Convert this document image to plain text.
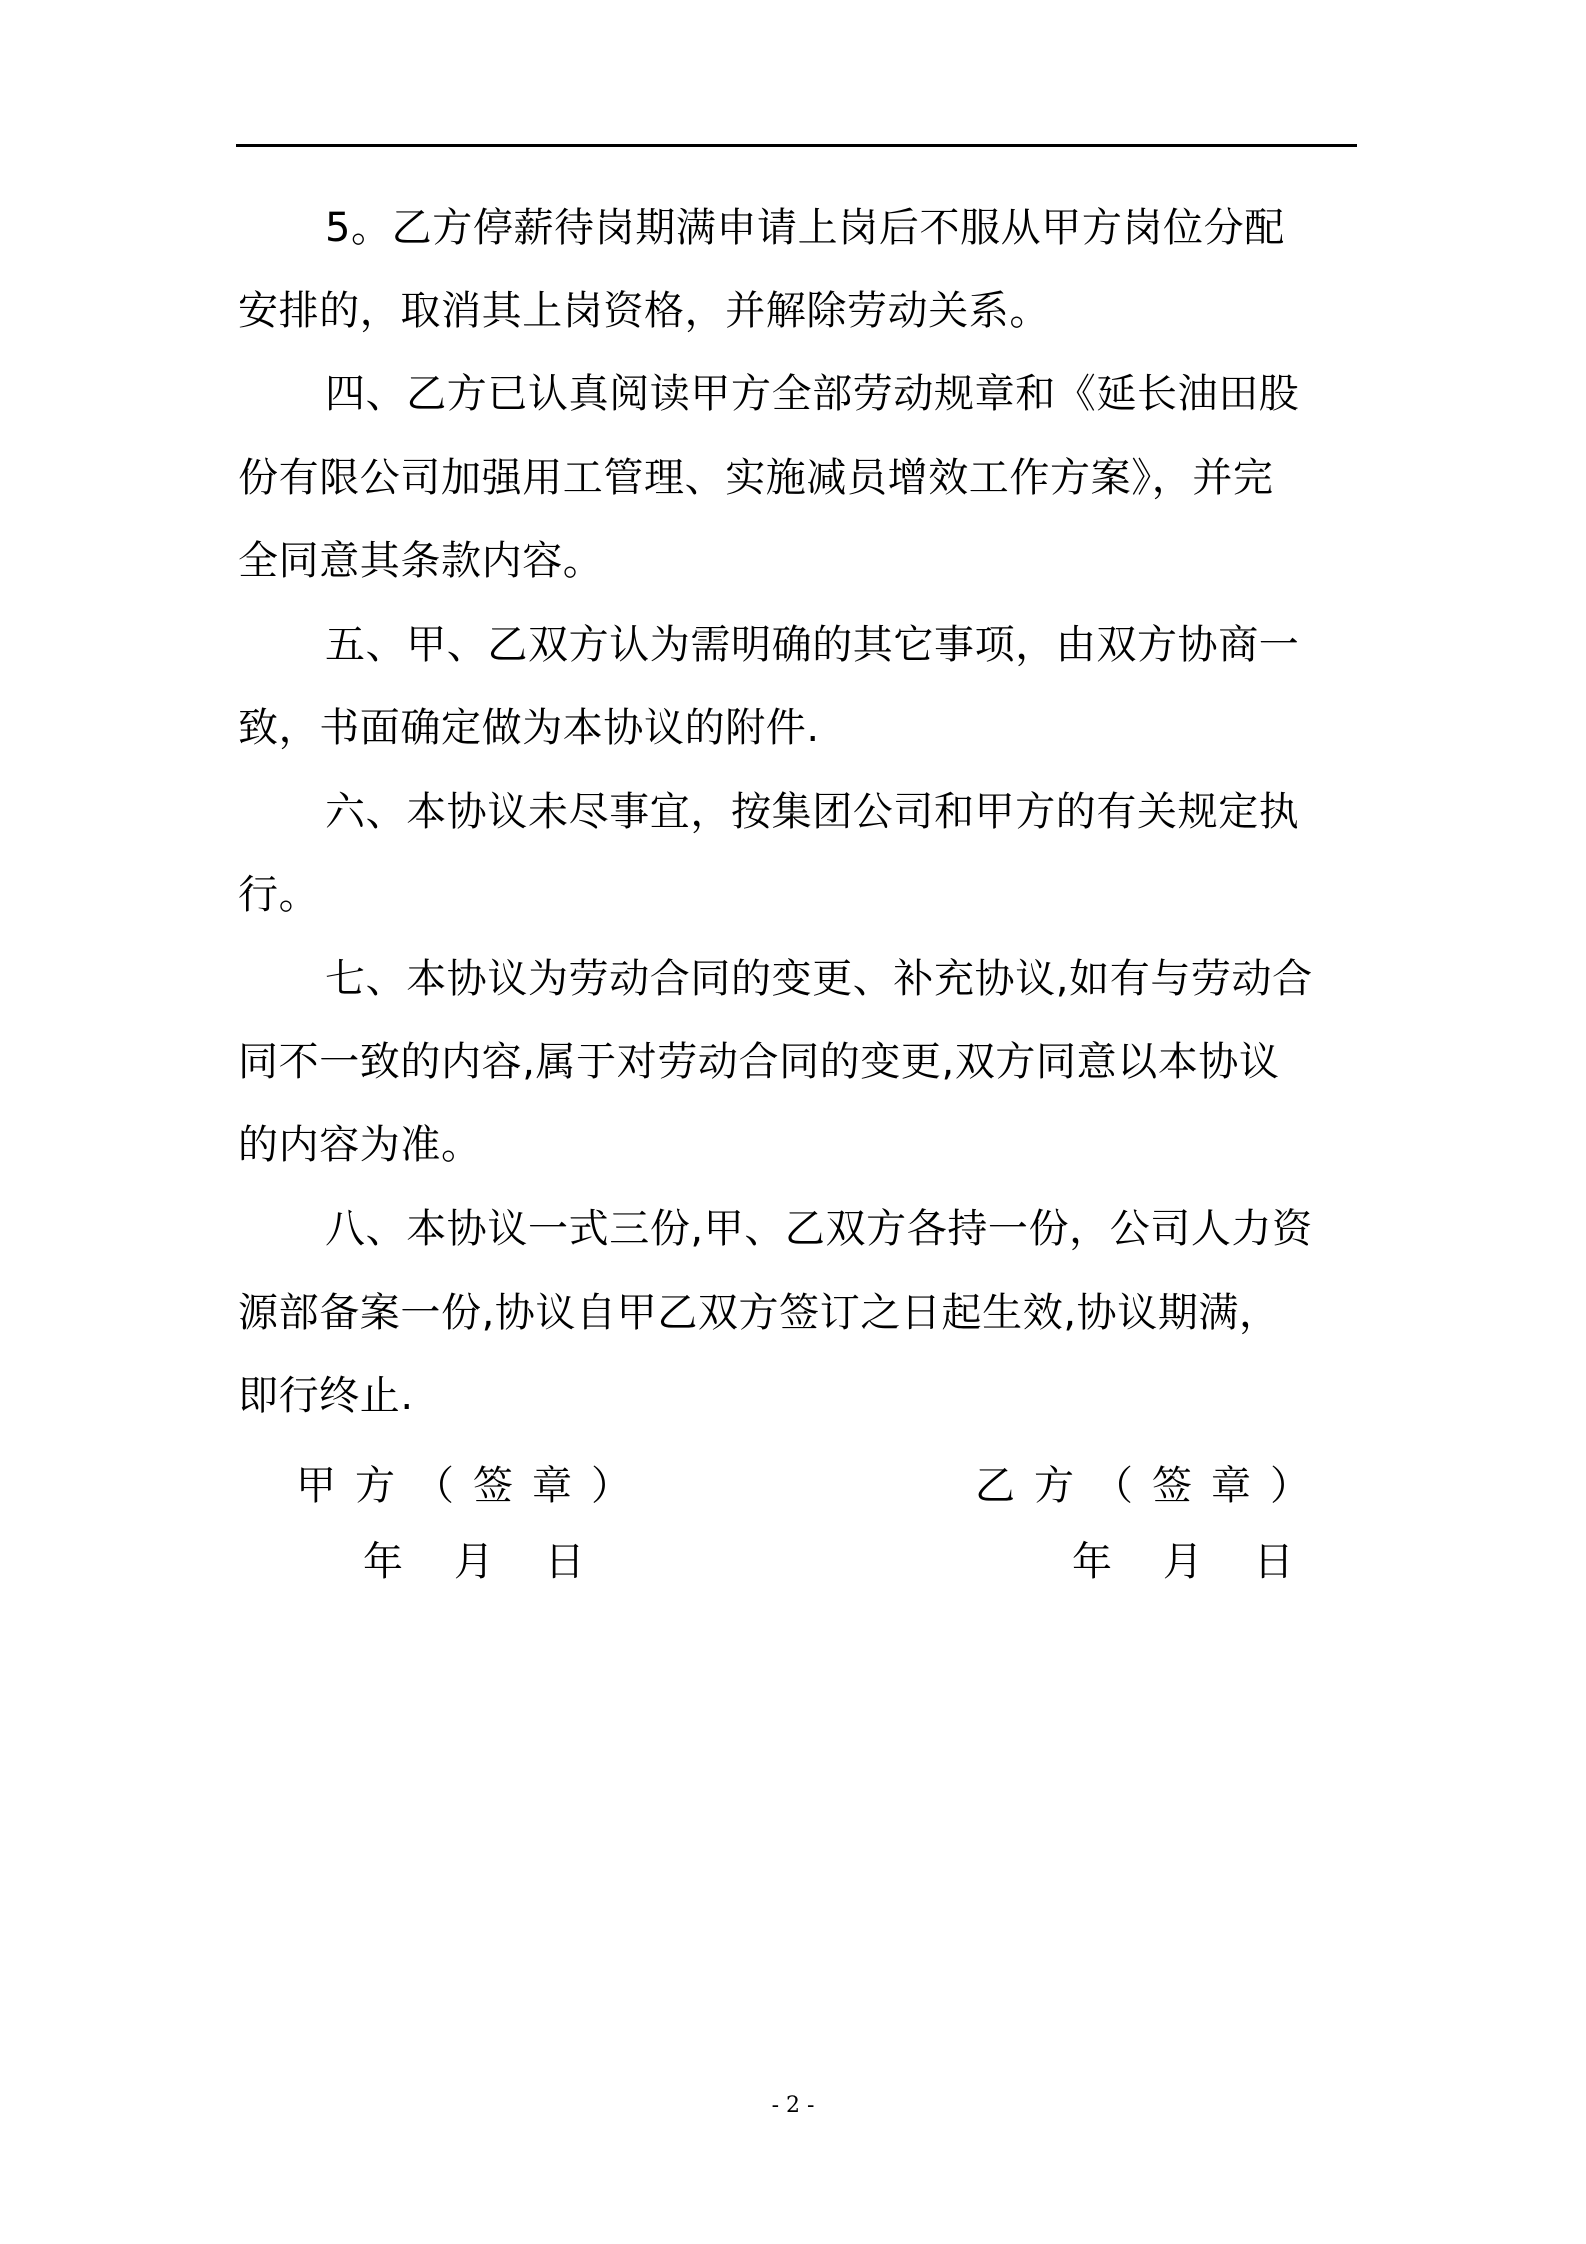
5。乙方停薪待岗期满申请上岗后不服从甲方岗位分配
安排的，取消其上岗资格，并解除劳动关系。
四、乙方已认真阅读甲方全部劳动规章和《延长油田股
份有限公司加强用工管理、实施减员增效工作方案》，并完
全同意其条款内容。
五、甲、乙双方认为需明确的其它事项，由双方协商一
致，书面确定做为本协议的附件.
六、本协议未尽事宜，按集团公司和甲方的有关规定执
行。
七、本协议为劳动合同的变更、补充协议,如有与劳动合
同不一致的内容,属于对劳动合同的变更,双方同意以本协议
的内容为准。
八、本协议一式三份,甲、乙双方各持一份，公司人力资
源部备案一份,协议自甲乙双方签订之日起生效,协议期满，
即行终止.
甲方（签章）	乙方（签章）
年    月    日	年    月    日
- 2 -
